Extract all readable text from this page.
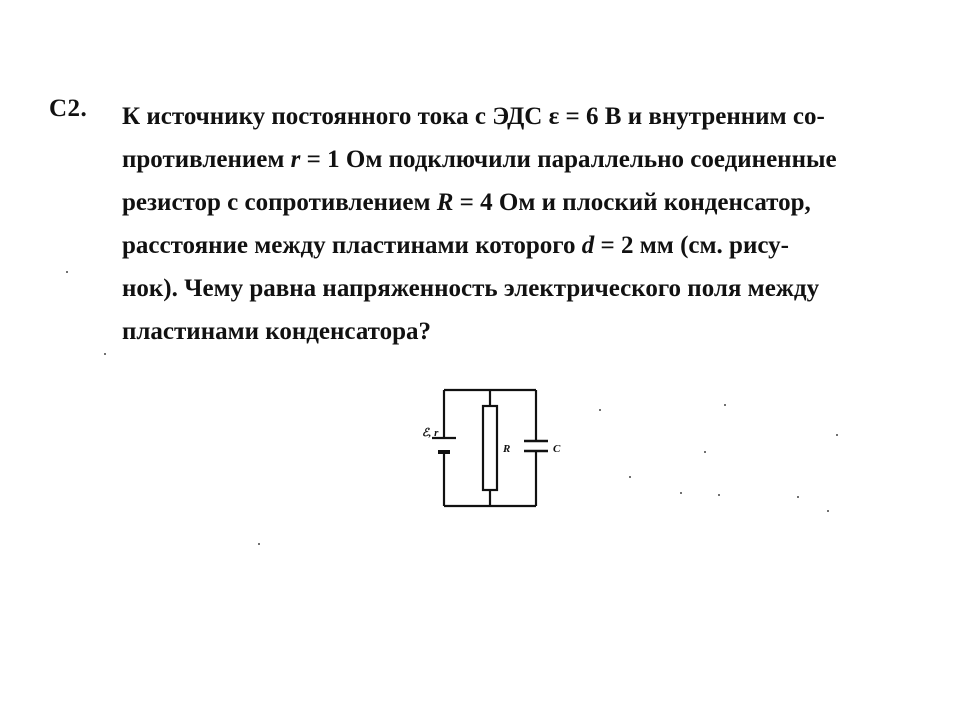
С2. К источнику постоянного тока с ЭДС ε = 6 В и внутренним со-
противлением r = 1 Ом подключили параллельно соединенные
резистор с сопротивлением R = 4 Ом и плоский конденсатор,
расстояние между пластинами которого d = 2 мм (см. рису-
нок). Чему равна напряженность электрического поля между
пластинами конденсатора?

ℰ, r
R	C
